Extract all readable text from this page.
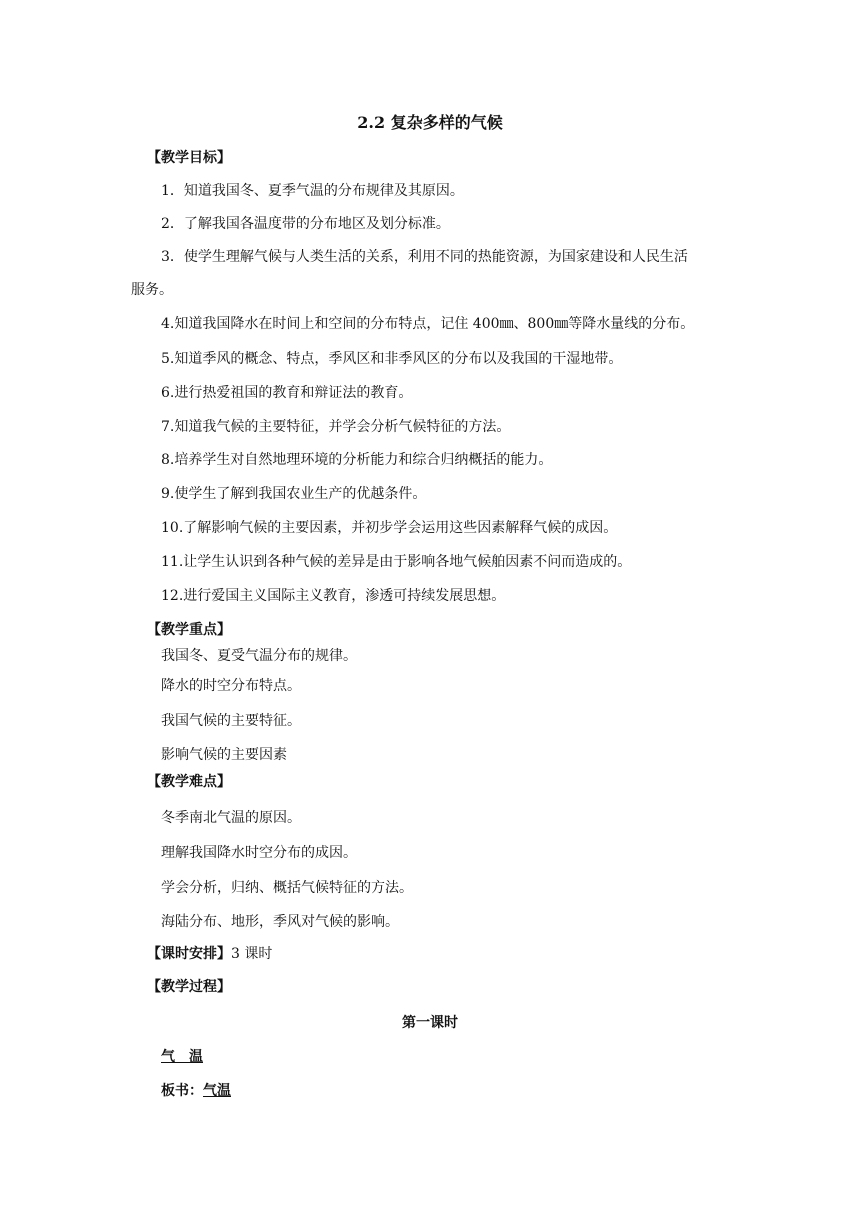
2.2 复杂多样的气候

【教学目标】

1．知道我国冬、夏季气温的分布规律及其原因。

2．了解我国各温度带的分布地区及划分标准。

3．使学生理解气候与人类生活的关系，利用不同的热能资源，为国家建设和人民生活

服务。

4.知道我国降水在时间上和空间的分布特点，记住 400㎜、800㎜等降水量线的分布。

5.知道季风的概念、特点，季风区和非季风区的分布以及我国的干湿地带。

6.进行热爱祖国的教育和辩证法的教育。

7.知道我气候的主要特征，并学会分析气候特征的方法。

8.培养学生对自然地理环境的分析能力和综合归纳概括的能力。

9.使学生了解到我国农业生产的优越条件。

10.了解影响气候的主要因素，并初步学会运用这些因素解释气候的成因。

11.让学生认识到各种气候的差异是由于影响各地气候舶因素不问而造成的。

12.进行爱国主义国际主义教育，渗透可持续发展思想。

【教学重点】

我国冬、夏受气温分布的规律。

降水的时空分布特点。

我国气候的主要特征。

影响气候的主要因素

【教学难点】

冬季南北气温的原因。

理解我国降水时空分布的成因。

学会分析，归纳、概括气候特征的方法。

海陆分布、地形，季风对气候的影响。

【课时安排】3 课时

【教学过程】

第一课时

气　温

板书：气温
